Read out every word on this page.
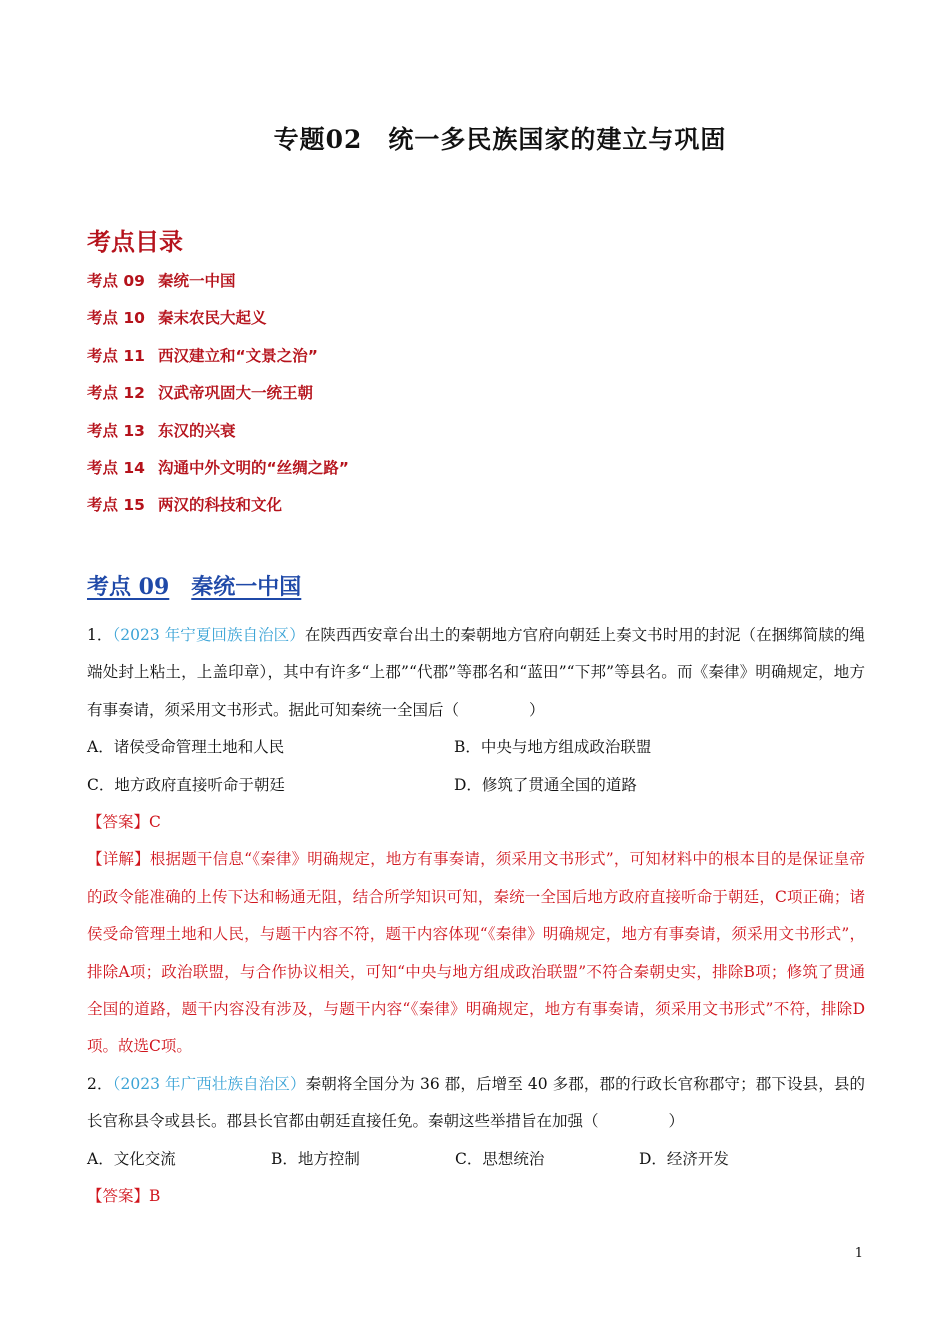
专题02　统一多民族国家的建立与巩固
考点目录
考点 09 秦统一中国
考点 10 秦末农民大起义
考点 11 西汉建立和“文景之治”
考点 12 汉武帝巩固大一统王朝
考点 13 东汉的兴衰
考点 14 沟通中外文明的“丝绸之路”
考点 15 两汉的科技和文化
考点 09 秦统一中国

1．（2023 年宁夏回族自治区）在陕西西安章台出土的秦朝地方官府向朝廷上奏文书时用的封泥（在捆绑简牍的绳端处封上粘土，上盖印章），其中有许多“上郡”“代郡”等郡名和“蓝田”“下邦”等县名。而《秦律》明确规定，地方有事奏请，须采用文书形式。据此可知秦统一全国后（	）

A．诸侯受命管理土地和人民	B．中央与地方组成政治联盟
C．地方政府直接听命于朝廷	D．修筑了贯通全国的道路

【答案】C

【详解】根据题干信息“《秦律》明确规定，地方有事奏请，须采用文书形式”，可知材料中的根本目的是保证皇帝的政令能准确的上传下达和畅通无阻，结合所学知识可知，秦统一全国后地方政府直接听命于朝廷，C项正确；诸侯受命管理土地和人民，与题干内容不符，题干内容体现“《秦律》明确规定，地方有事奏请，须采用文书形式”，排除A项；政治联盟，与合作协议相关，可知“中央与地方组成政治联盟”不符合秦朝史实，排除B项；修筑了贯通全国的道路，题干内容没有涉及，与题干内容“《秦律》明确规定，地方有事奏请，须采用文书形式”不符，排除D项。故选C项。

2．（2023 年广西壮族自治区）秦朝将全国分为 36 郡，后增至 40 多郡，郡的行政长官称郡守；郡下设县，县的长官称县令或县长。郡县长官都由朝廷直接任免。秦朝这些举措旨在加强（	）

A．文化交流	B．地方控制	C．思想统治	D．经济开发

【答案】B

1
